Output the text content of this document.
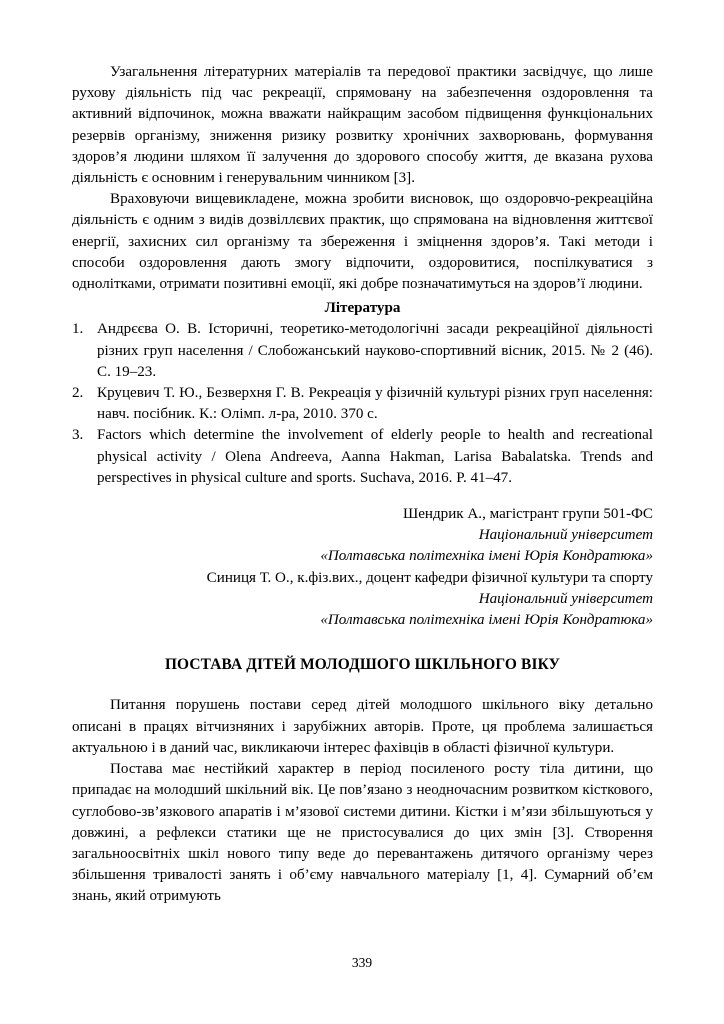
Узагальнення літературних матеріалів та передової практики засвідчує, що лише рухову діяльність під час рекреації, спрямовану на забезпечення оздоровлення та активний відпочинок, можна вважати найкращим засобом підвищення функціональних резервів організму, зниження ризику розвитку хронічних захворювань, формування здоров’я людини шляхом її залучення до здорового способу життя, де вказана рухова діяльність є основним і генерувальним чинником [3].

Враховуючи вищевикладене, можна зробити висновок, що оздоровчо-рекреаційна діяльність є одним з видів дозвіллєвих практик, що спрямована на відновлення життєвої енергії, захисних сил організму та збереження і зміцнення здоров’я. Такі методи і способи оздоровлення дають змогу відпочити, оздоровитися, поспілкуватися з однолітками, отримати позитивні емоції, які добре позначатимуться на здоров’ї людини.

Література
1. Андрєєва О. В. Історичні, теоретико-методологічні засади рекреаційної діяльності різних груп населення / Слобожанський науково-спортивний вісник, 2015. № 2 (46). С. 19–23.
2. Круцевич Т. Ю., Безверхня Г. В. Рекреація у фізичній культурі різних груп населення: навч. посібник. К.: Олімп. л-ра, 2010. 370 с.
3. Factors which determine the involvement of elderly people to health and recreational physical activity / Olena Andreeva, Aanna Hakman, Larisa Babalatska. Trends and perspectives in physical culture and sports. Suchava, 2016. P. 41–47.
Шендрик А., магістрант групи 501-ФС
Національний університет
«Полтавська політехніка імені Юрія Кондратюка»
Синиця Т. О., к.фіз.вих., доцент кафедри фізичної культури та спорту
Національний університет
«Полтавська політехніка імені Юрія Кондратюка»
ПОСТАВА ДІТЕЙ МОЛОДШОГО ШКІЛЬНОГО ВІКУ

Питання порушень постави серед дітей молодшого шкільного віку детально описані в працях вітчизняних і зарубіжних авторів. Проте, ця проблема залишається актуальною і в даний час, викликаючи інтерес фахівців в області фізичної культури.

Постава має нестійкий характер в період посиленого росту тіла дитини, що припадає на молодший шкільний вік. Це пов’язано з неодночасним розвитком кісткового, суглобово-зв’язкового апаратів і м’язової системи дитини. Кістки і м’язи збільшуються у довжині, а рефлекси статики ще не пристосувалися до цих змін [3]. Створення загальноосвітніх шкіл нового типу веде до перевантажень дитячого організму через збільшення тривалості занять і об’єму навчального матеріалу [1, 4]. Сумарний об’єм знань, який отримують

339
